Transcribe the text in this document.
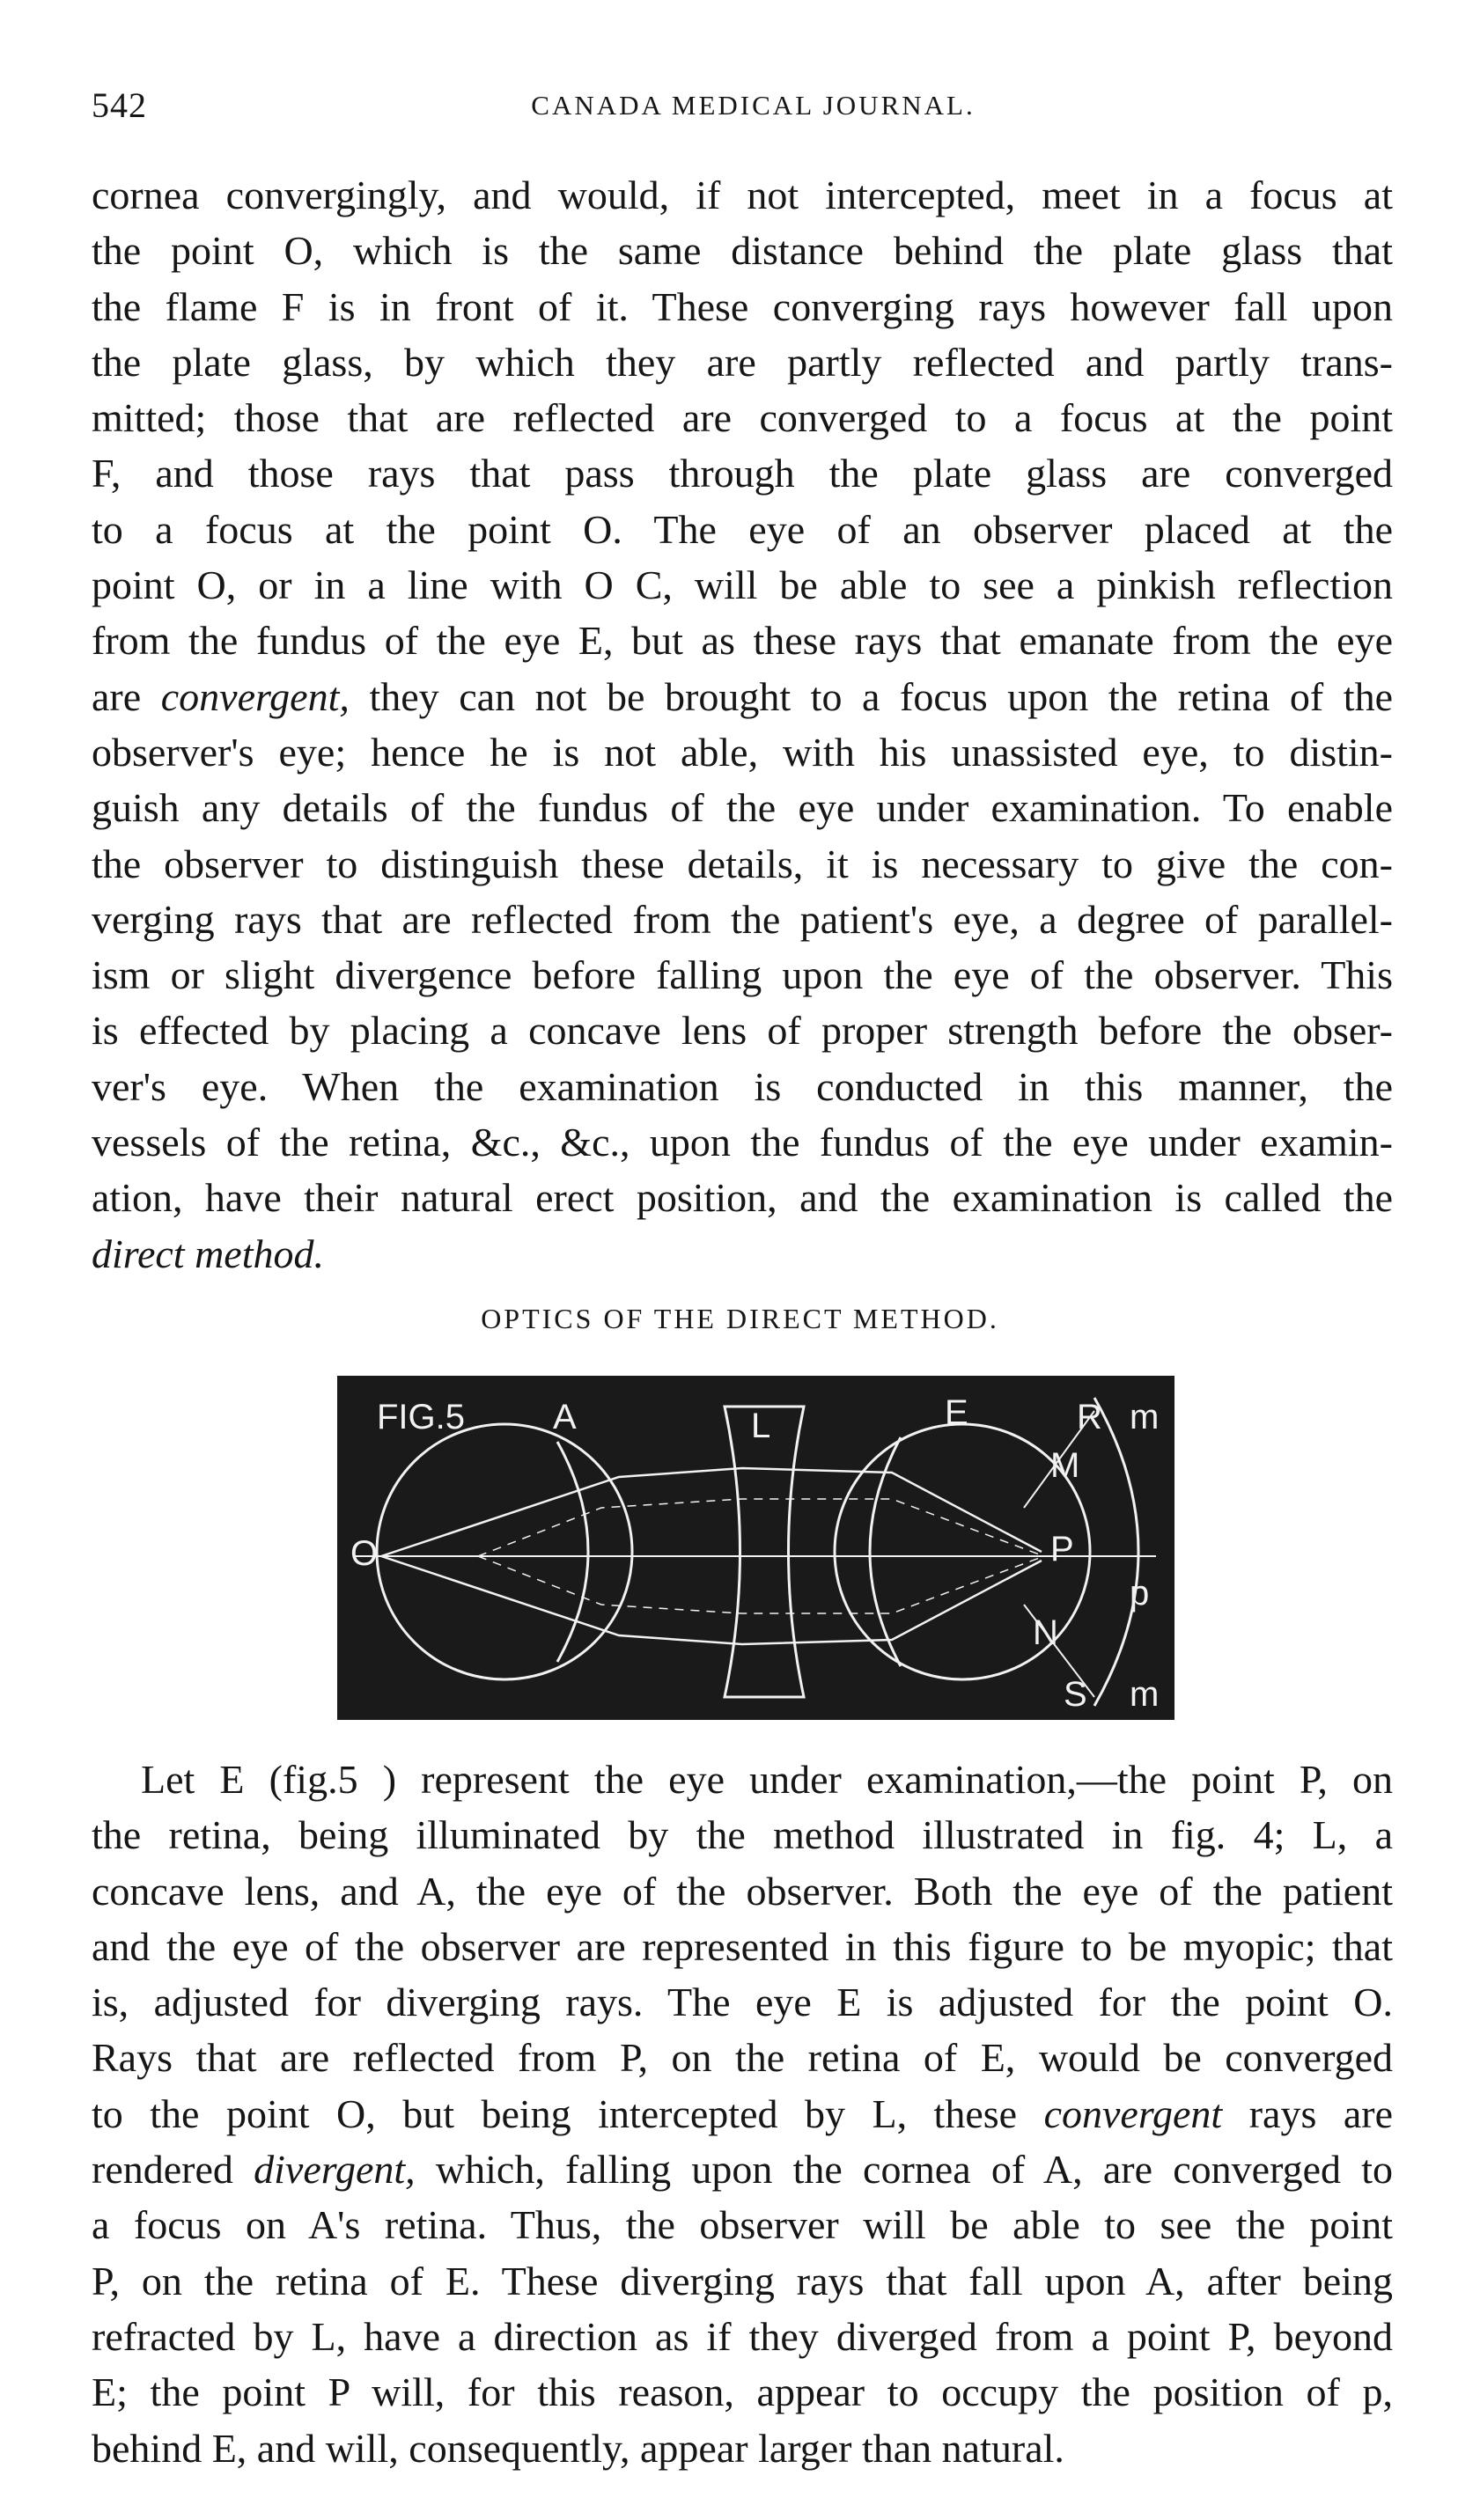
542	CANADA MEDICAL JOURNAL.

cornea convergingly, and would, if not intercepted, meet in a focus at
the point O, which is the same distance behind the plate glass that
the flame F is in front of it. These converging rays however fall upon
the plate glass, by which they are partly reflected and partly trans-
mitted; those that are reflected are converged to a focus at the point
F, and those rays that pass through the plate glass are converged
to a focus at the point O. The eye of an observer placed at the
point O, or in a line with O C, will be able to see a pinkish reflection
from the fundus of the eye E, but as these rays that emanate from the eye
are convergent, they can not be brought to a focus upon the retina of the
observer's eye; hence he is not able, with his unassisted eye, to distin-
guish any details of the fundus of the eye under examination. To enable
the observer to distinguish these details, it is necessary to give the con-
verging rays that are reflected from the patient's eye, a degree of parallel-
ism or slight divergence before falling upon the eye of the observer. This
is effected by placing a concave lens of proper strength before the obser-
ver's eye. When the examination is conducted in this manner, the
vessels of the retina, &c., &c., upon the fundus of the eye under examin-
ation, have their natural erect position, and the examination is called the
direct method.

OPTICS OF THE DIRECT METHOD.
FIG.5 A	L	E	R m
M
O	P
p
N
S m

Let E (fig.5 ) represent the eye under examination,—the point P, on
the retina, being illuminated by the method illustrated in fig. 4; L, a
concave lens, and A, the eye of the observer. Both the eye of the patient
and the eye of the observer are represented in this figure to be myopic; that
is, adjusted for diverging rays. The eye E is adjusted for the point O.
Rays that are reflected from P, on the retina of E, would be converged
to the point O, but being intercepted by L, these convergent rays are
rendered divergent, which, falling upon the cornea of A, are converged to
a focus on A's retina. Thus, the observer will be able to see the point
P, on the retina of E. These diverging rays that fall upon A, after being
refracted by L, have a direction as if they diverged from a point P, beyond
E; the point P will, for this reason, appear to occupy the position of p,
behind E, and will, consequently, appear larger than natural.
